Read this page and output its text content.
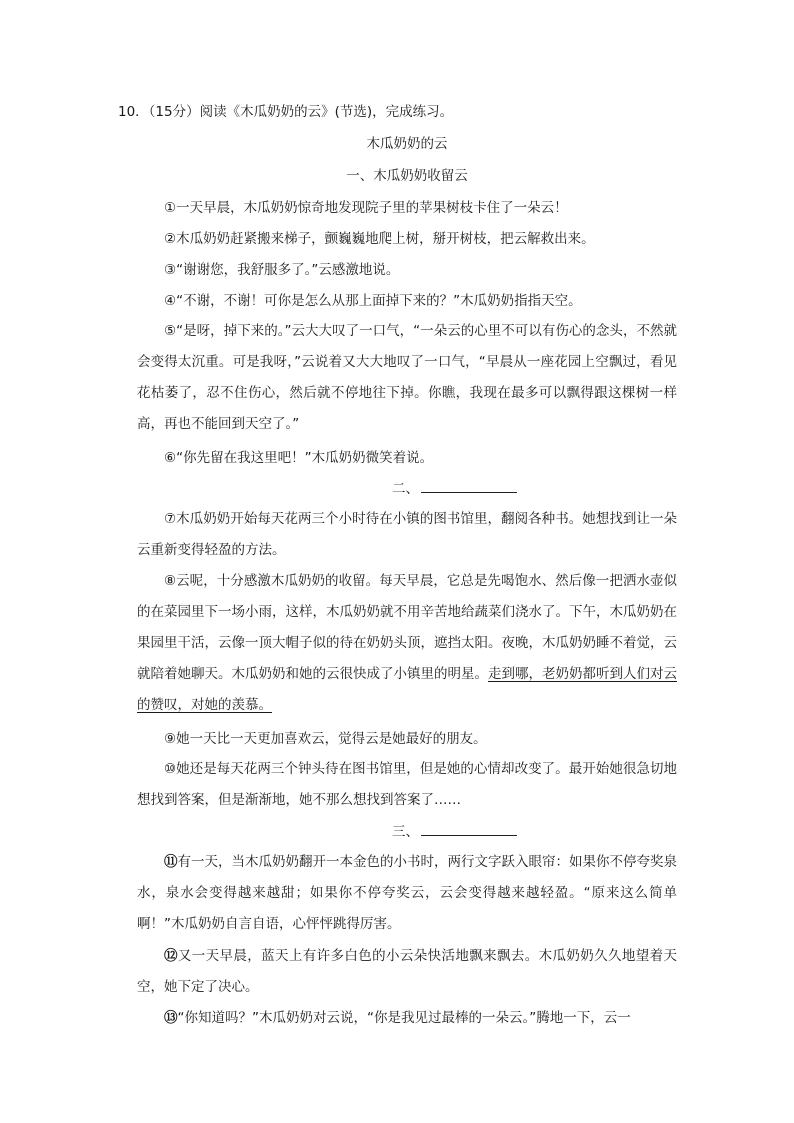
10．（15分）阅读《木瓜奶奶的云》(节选)，完成练习。
木瓜奶奶的云
一、木瓜奶奶收留云
①一天早晨，木瓜奶奶惊奇地发现院子里的苹果树枝卡住了一朵云！
②木瓜奶奶赶紧搬来梯子，颤巍巍地爬上树，掰开树枝，把云解救出来。
③“谢谢您，我舒服多了。”云感激地说。
④“不谢，不谢！可你是怎么从那上面掉下来的？”木瓜奶奶指指天空。
⑤“是呀，掉下来的。”云大大叹了一口气，“一朵云的心里不可以有伤心的念头，不然就会变得太沉重。可是我呀，”云说着又大大地叹了一口气，“早晨从一座花园上空飘过，看见花枯萎了，忍不住伤心，然后就不停地往下掉。你瞧，我现在最多可以飘得跟这棵树一样高，再也不能回到天空了。”
⑥“你先留在我这里吧！”木瓜奶奶微笑着说。
二、
⑦木瓜奶奶开始每天花两三个小时待在小镇的图书馆里，翻阅各种书。她想找到让一朵云重新变得轻盈的方法。
⑧云呢，十分感激木瓜奶奶的收留。每天早晨，它总是先喝饱水、然后像一把洒水壶似的在菜园里下一场小雨，这样，木瓜奶奶就不用辛苦地给蔬菜们浇水了。下午，木瓜奶奶在果园里干活，云像一顶大帽子似的待在奶奶头顶，遮挡太阳。夜晚，木瓜奶奶睡不着觉，云就陪着她聊天。木瓜奶奶和她的云很快成了小镇里的明星。走到哪，老奶奶都听到人们对云的赞叹，对她的羡慕。
⑨她一天比一天更加喜欢云，觉得云是她最好的朋友。
⑩她还是每天花两三个钟头待在图书馆里，但是她的心情却改变了。最开始她很急切地想找到答案，但是渐渐地，她不那么想找到答案了……
三、
⑪有一天，当木瓜奶奶翻开一本金色的小书时，两行文字跃入眼帘：如果你不停夸奖泉水，泉水会变得越来越甜；如果你不停夸奖云，云会变得越来越轻盈。“原来这么简单啊！”木瓜奶奶自言自语，心怦怦跳得厉害。
⑫又一天早晨，蓝天上有许多白色的小云朵快活地飘来飘去。木瓜奶奶久久地望着天空，她下定了决心。
⑬“你知道吗？”木瓜奶奶对云说，“你是我见过最棒的一朵云。”腾地一下，云一
